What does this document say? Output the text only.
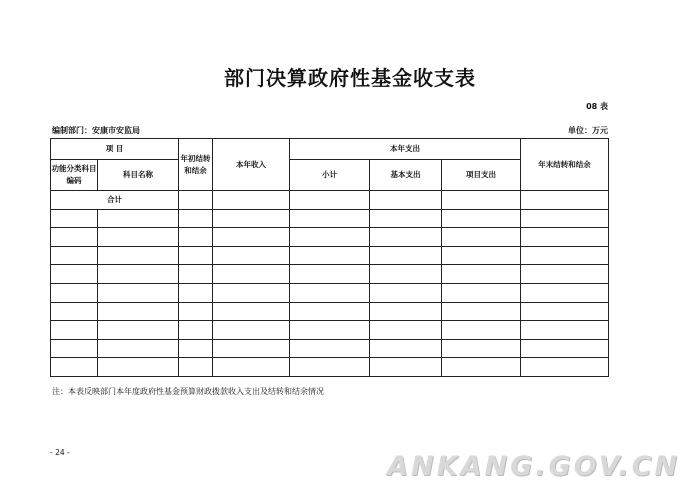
部门决算政府性基金收支表
08 表
编制部门：安康市安监局	单位：万元
项 目		年初结转和结余	本年收入	本年支出			年末结转和结余
功能分类科目编码	科目名称			小计	基本支出	项目支出	
合计							

注：本表反映部门本年度政府性基金预算财政拨款收入支出及结转和结余情况
- 24 -	ANKANG.GOV.CN
